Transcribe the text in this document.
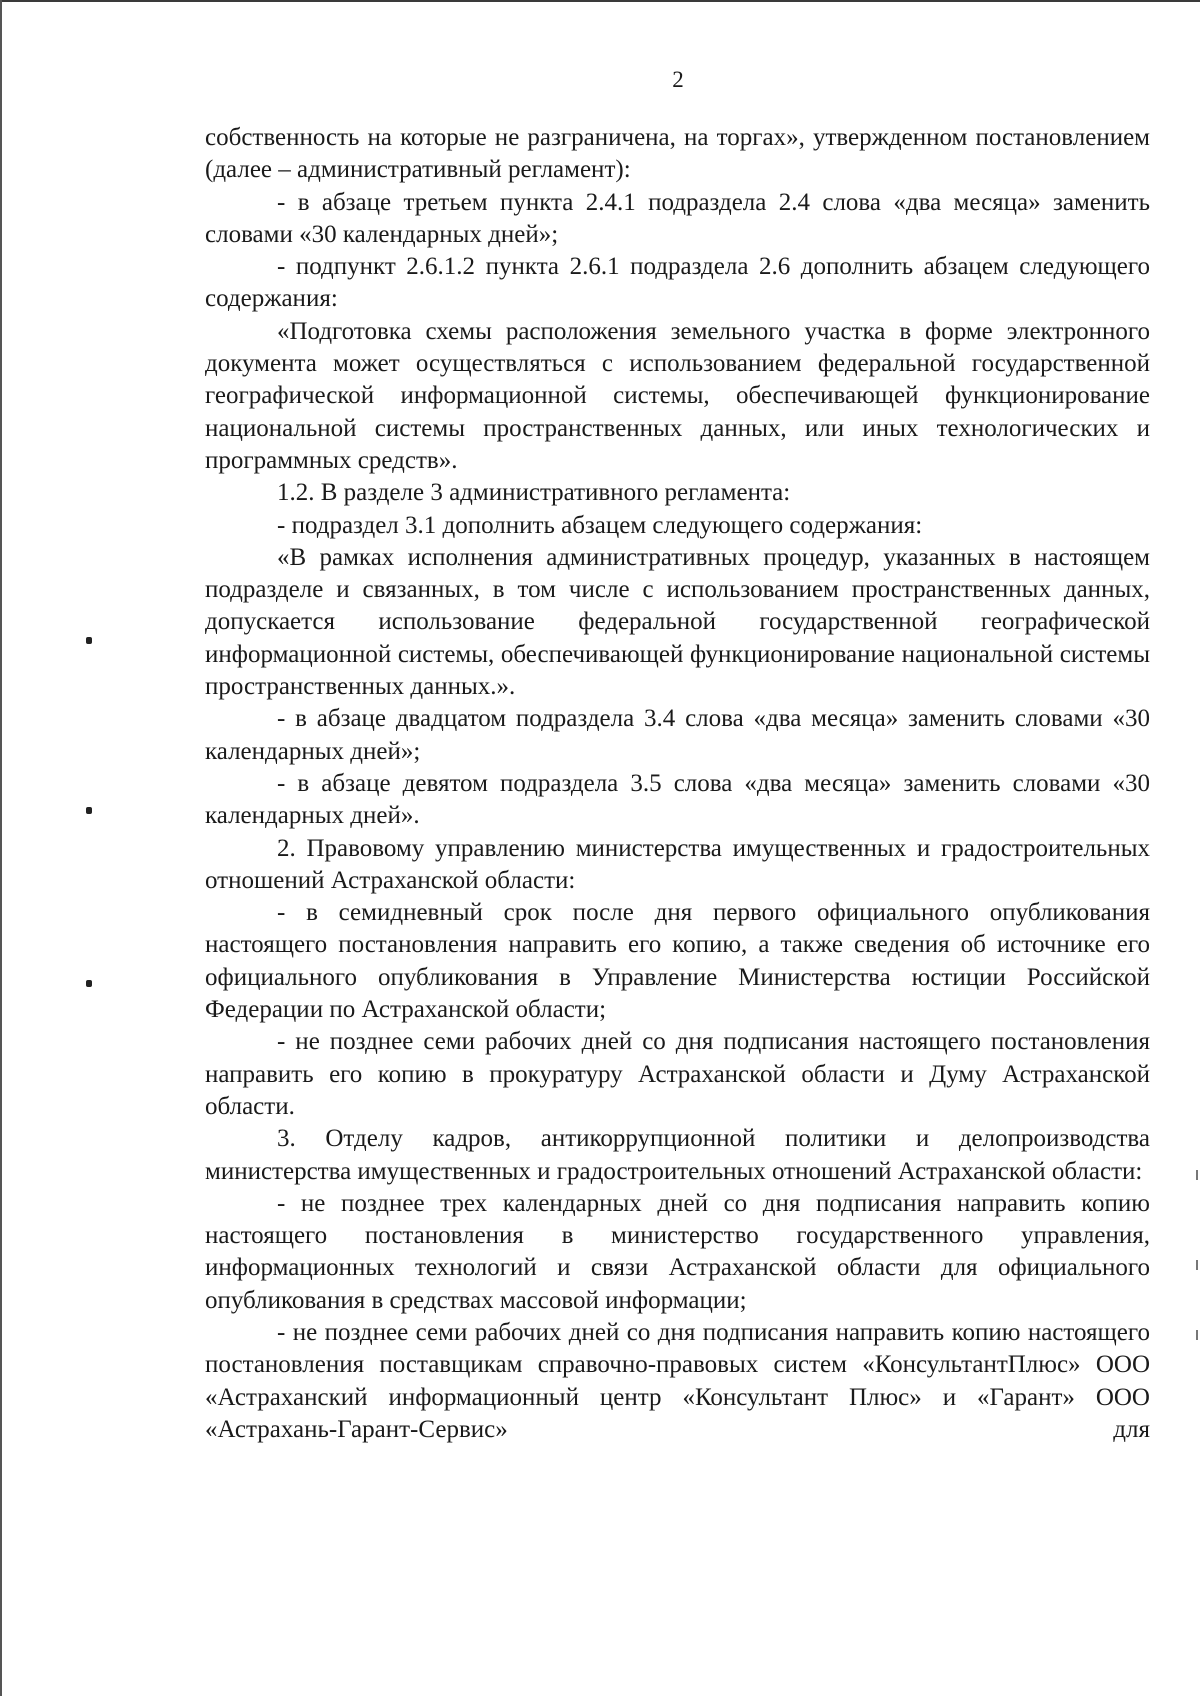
2

собственность на которые не разграничена, на торгах», утвержденном постановлением (далее – административный регламент):

- в абзаце третьем пункта 2.4.1 подраздела 2.4 слова «два месяца» заменить словами «30 календарных дней»;

- подпункт 2.6.1.2 пункта 2.6.1 подраздела 2.6 дополнить абзацем следующего содержания:

«Подготовка схемы расположения земельного участка в форме электронного документа может осуществляться с использованием федеральной государственной географической информационной системы, обеспечивающей функционирование национальной системы пространственных данных, или иных технологических и программных средств».

1.2. В разделе 3 административного регламента:

- подраздел 3.1 дополнить абзацем следующего содержания:

«В рамках исполнения административных процедур, указанных в настоящем подразделе и связанных, в том числе с использованием пространственных данных, допускается использование федеральной государственной географической информационной системы, обеспечивающей функционирование национальной системы пространственных данных.».

- в абзаце двадцатом подраздела 3.4 слова «два месяца» заменить словами «30 календарных дней»;

- в абзаце девятом подраздела 3.5 слова «два месяца» заменить словами «30 календарных дней».

2. Правовому управлению министерства имущественных и градостроительных отношений Астраханской области:

- в семидневный срок после дня первого официального опубликования настоящего постановления направить его копию, а также сведения об источнике его официального опубликования в Управление Министерства юстиции Российской Федерации по Астраханской области;

- не позднее семи рабочих дней со дня подписания настоящего постановления направить его копию в прокуратуру Астраханской области и Думу Астраханской области.

3. Отделу кадров, антикоррупционной политики и делопроизводства министерства имущественных и градостроительных отношений Астраханской области:

- не позднее трех календарных дней со дня подписания направить копию настоящего постановления в министерство государственного управления, информационных технологий и связи Астраханской области для официального опубликования в средствах массовой информации;

- не позднее семи рабочих дней со дня подписания направить копию настоящего постановления поставщикам справочно-правовых систем «КонсультантПлюс» ООО «Астраханский информационный центр «Консультант Плюс» и «Гарант» ООО «Астрахань-Гарант-Сервис» для
